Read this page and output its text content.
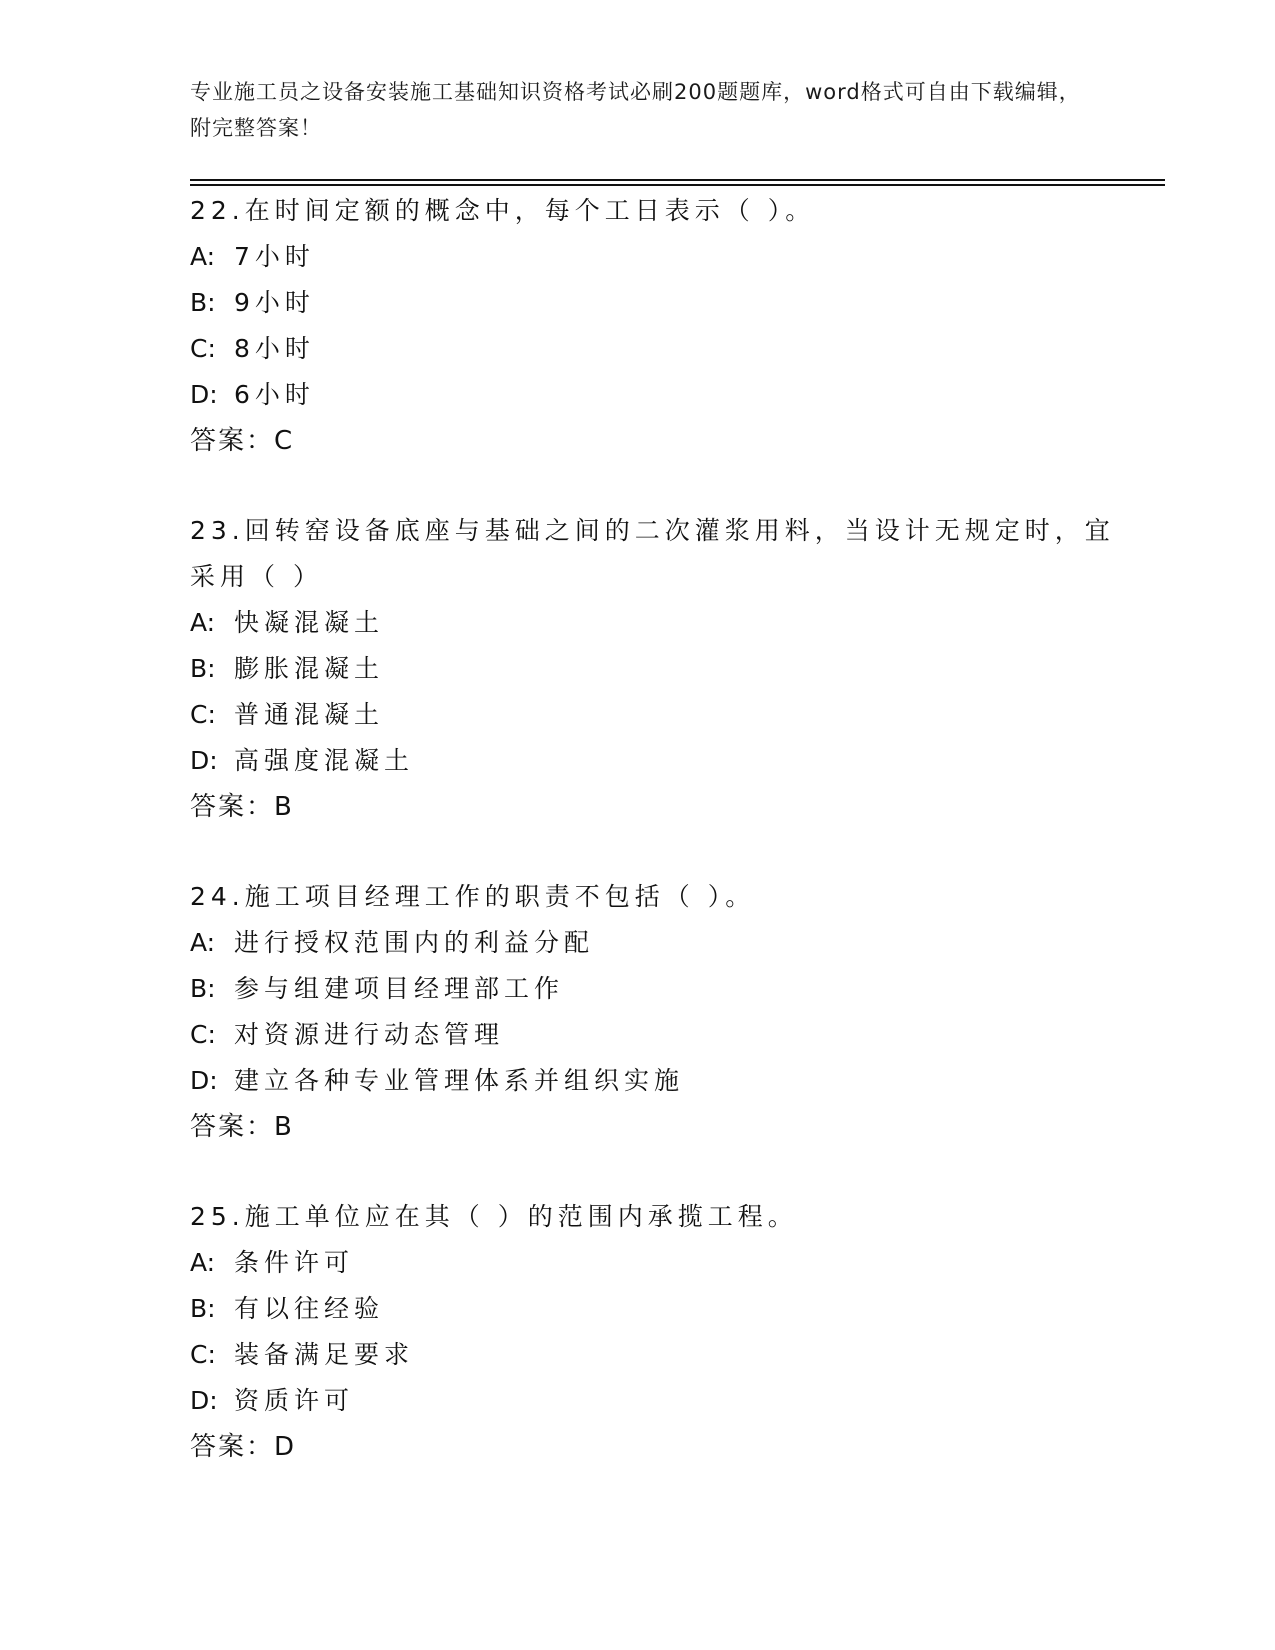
专业施工员之设备安装施工基础知识资格考试必刷200题题库，word格式可自由下载编辑，附完整答案！

22.在时间定额的概念中，每个工日表示（ ）。

A: 7小时

B: 9小时

C: 8小时

D: 6小时

答案：C

23.回转窑设备底座与基础之间的二次灌浆用料，当设计无规定时，宜采用（ ）

A: 快凝混凝土

B: 膨胀混凝土

C: 普通混凝土

D: 高强度混凝土

答案：B

24.施工项目经理工作的职责不包括（ ）。

A: 进行授权范围内的利益分配

B: 参与组建项目经理部工作

C: 对资源进行动态管理

D: 建立各种专业管理体系并组织实施

答案：B

25.施工单位应在其（ ）的范围内承揽工程。

A: 条件许可

B: 有以往经验

C: 装备满足要求

D: 资质许可

答案：D
